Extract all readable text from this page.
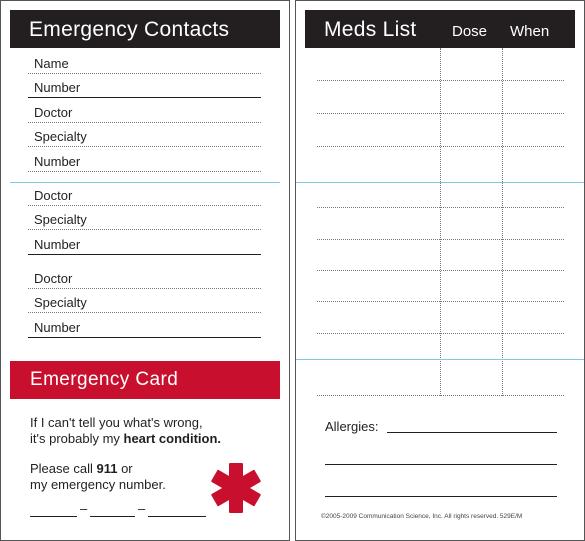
Emergency Contacts
Name
Number
Doctor
Specialty
Number
Doctor
Specialty
Number
Doctor
Specialty
Number
Emergency Card
If I can't tell you what's wrong,
it's probably my heart condition.
Please call 911 or
my emergency number.
–	–
Meds List Dose When
Allergies:
©2005-2009 Communication Science, Inc. All rights reserved. 529E/M
